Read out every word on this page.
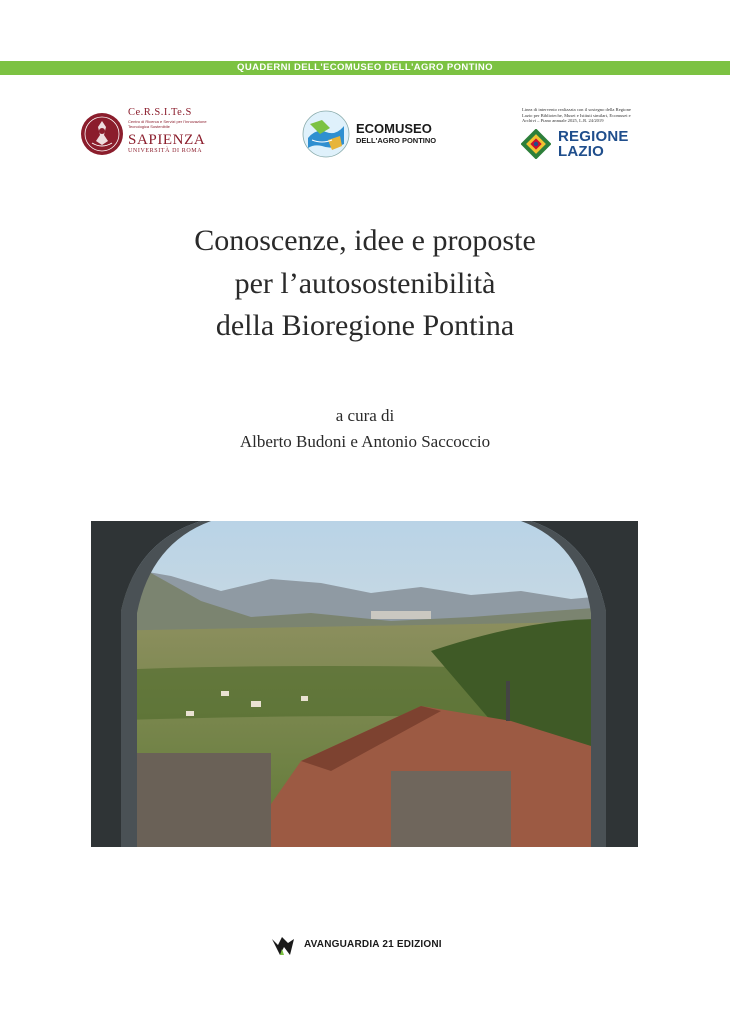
QUADERNI DELL'ECOMUSEO DELL'AGRO PONTINO
Ce.R.S.I.Te.S
Centro di Ricerca e Servizi per l'Innovazione Tecnologica Sostenibile
SAPIENZA
UNIVERSITÀ DI ROMA
ECOMUSEO
DELL'AGRO PONTINO
Linea di intervento realizzata con il sostegno della Regione Lazio per Biblioteche, Musei e Istituti similari, Ecomusei e Archivi – Piano annuale 2025, L.R. 24/2019
REGIONE
LAZIO
Conoscenze, idee e proposte
per l’autosostenibilità
della Bioregione Pontina
a cura di
Alberto Budoni e Antonio Saccoccio
AVANGUARDIA 21 EDIZIONI
